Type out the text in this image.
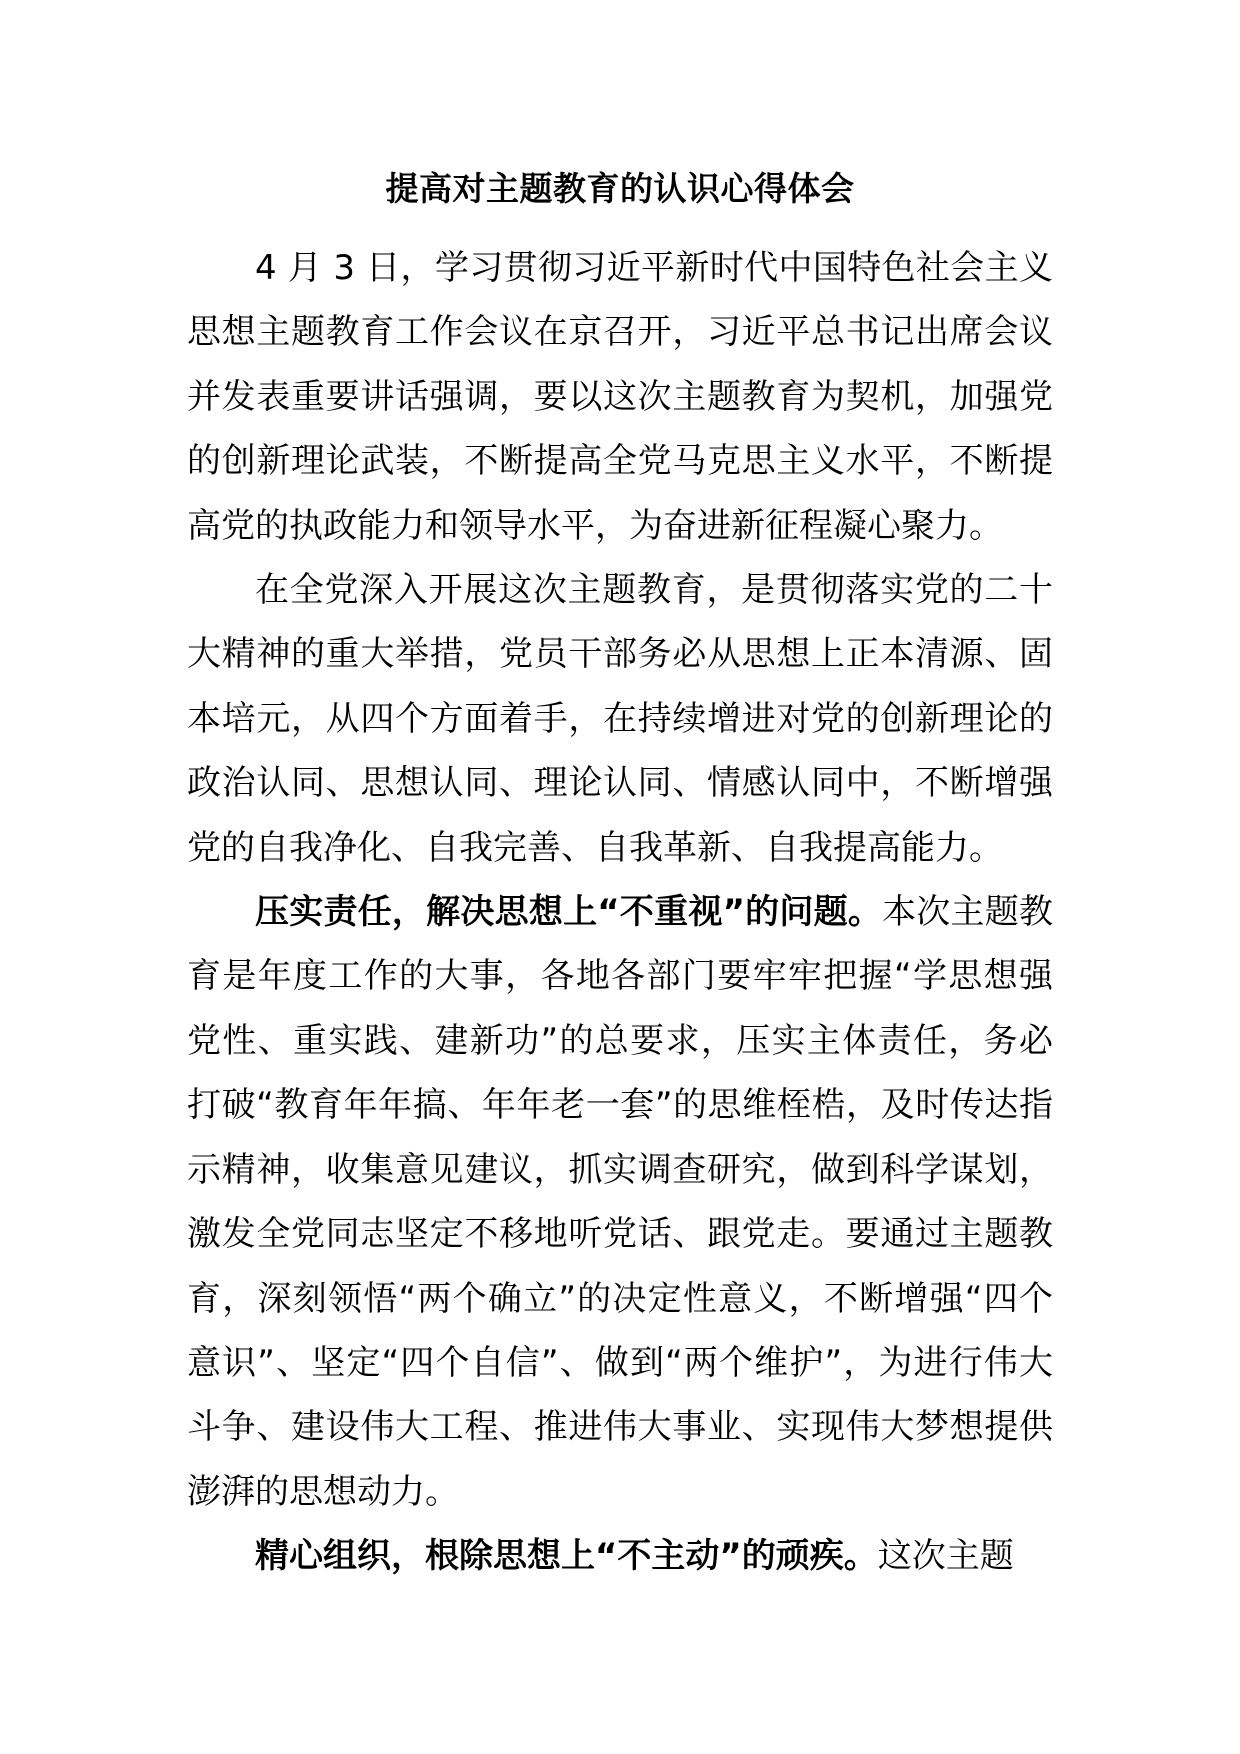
提高对主题教育的认识心得体会

4 月 3 日，学习贯彻习近平新时代中国特色社会主义思想主题教育工作会议在京召开，习近平总书记出席会议并发表重要讲话强调，要以这次主题教育为契机，加强党的创新理论武装，不断提高全党马克思主义水平，不断提高党的执政能力和领导水平，为奋进新征程凝心聚力。

在全党深入开展这次主题教育，是贯彻落实党的二十大精神的重大举措，党员干部务必从思想上正本清源、固本培元，从四个方面着手，在持续增进对党的创新理论的政治认同、思想认同、理论认同、情感认同中，不断增强党的自我净化、自我完善、自我革新、自我提高能力。

压实责任，解决思想上“不重视”的问题。本次主题教育是年度工作的大事，各地各部门要牢牢把握“学思想强党性、重实践、建新功”的总要求，压实主体责任，务必打破“教育年年搞、年年老一套”的思维桎梏，及时传达指示精神，收集意见建议，抓实调查研究，做到科学谋划，激发全党同志坚定不移地听党话、跟党走。要通过主题教育，深刻领悟“两个确立”的决定性意义，不断增强“四个意识”、坚定“四个自信”、做到“两个维护”，为进行伟大斗争、建设伟大工程、推进伟大事业、实现伟大梦想提供澎湃的思想动力。

精心组织，根除思想上“不主动”的顽疾。这次主题
